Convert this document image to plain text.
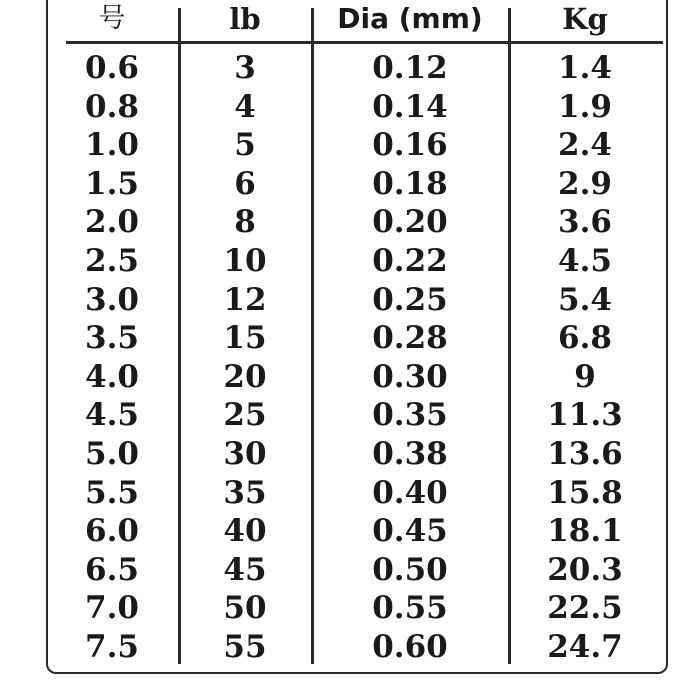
号	lb	Dia (mm)	Kg
0.6	3	0.12	1.4
0.8	4	0.14	1.9
1.0	5	0.16	2.4
1.5	6	0.18	2.9
2.0	8	0.20	3.6
2.5	10	0.22	4.5
3.0	12	0.25	5.4
3.5	15	0.28	6.8
4.0	20	0.30	9
4.5	25	0.35	11.3
5.0	30	0.38	13.6
5.5	35	0.40	15.8
6.0	40	0.45	18.1
6.5	45	0.50	20.3
7.0	50	0.55	22.5
7.5	55	0.60	24.7
